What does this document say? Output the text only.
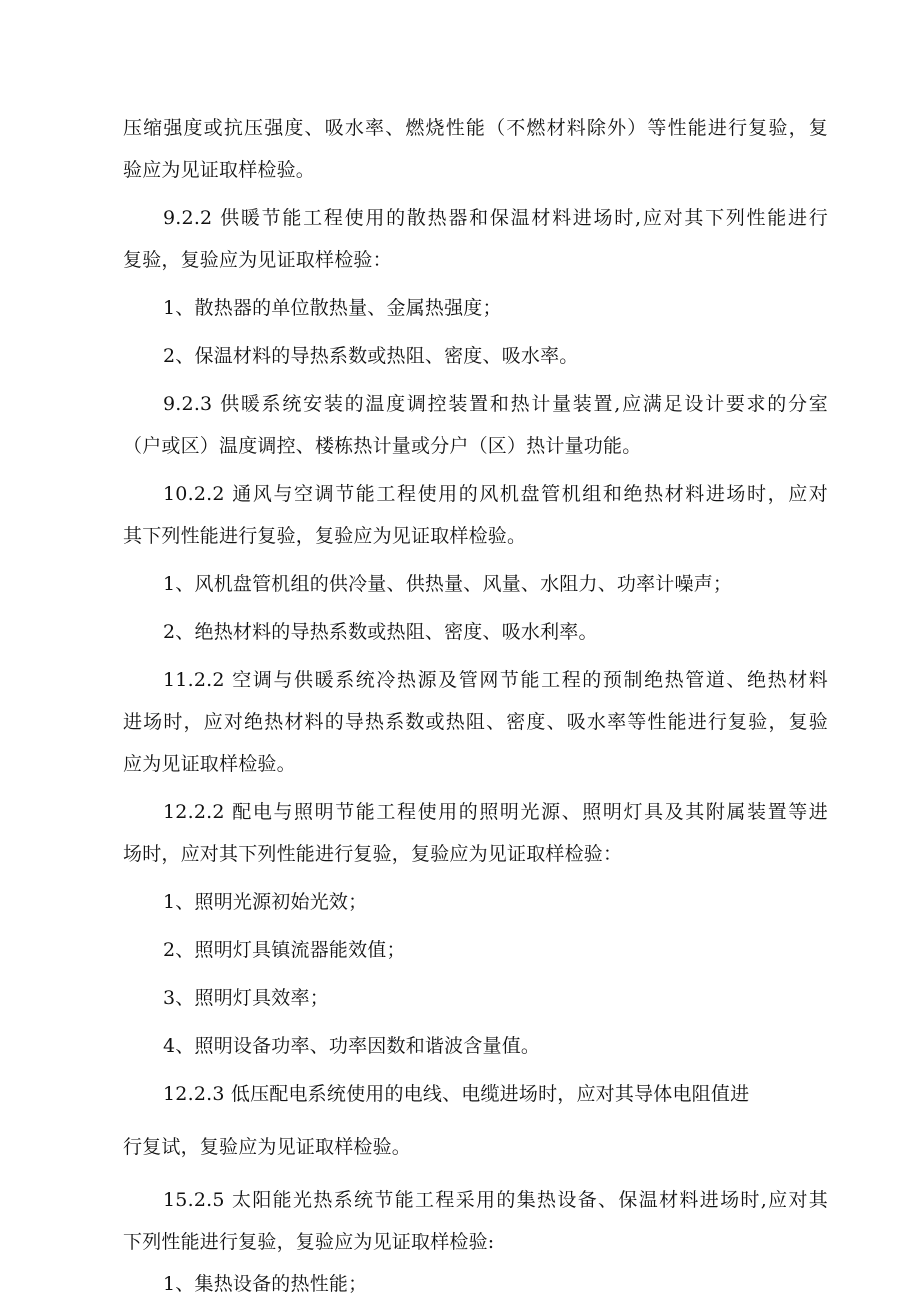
压缩强度或抗压强度、吸水率、燃烧性能（不燃材料除外）等性能进行复验，复
验应为见证取样检验。
9.2.2 供暖节能工程使用的散热器和保温材料进场时,应对其下列性能进行
复验，复验应为见证取样检验：
1、散热器的单位散热量、金属热强度；
2、保温材料的导热系数或热阻、密度、吸水率。
9.2.3 供暖系统安装的温度调控装置和热计量装置,应满足设计要求的分室
（户或区）温度调控、楼栋热计量或分户（区）热计量功能。
10.2.2 通风与空调节能工程使用的风机盘管机组和绝热材料进场时，应对
其下列性能进行复验，复验应为见证取样检验。
1、风机盘管机组的供冷量、供热量、风量、水阻力、功率计噪声；
2、绝热材料的导热系数或热阻、密度、吸水利率。
11.2.2 空调与供暖系统冷热源及管网节能工程的预制绝热管道、绝热材料
进场时，应对绝热材料的导热系数或热阻、密度、吸水率等性能进行复验，复验
应为见证取样检验。
12.2.2 配电与照明节能工程使用的照明光源、照明灯具及其附属装置等进
场时，应对其下列性能进行复验，复验应为见证取样检验：
1、照明光源初始光效；
2、照明灯具镇流器能效值；
3、照明灯具效率；
4、照明设备功率、功率因数和谐波含量值。
12.2.3 低压配电系统使用的电线、电缆进场时，应对其导体电阻值进
行复试，复验应为见证取样检验。
15.2.5 太阳能光热系统节能工程采用的集热设备、保温材料进场时,应对其
下列性能进行复验，复验应为见证取样检验:
1、集热设备的热性能；
